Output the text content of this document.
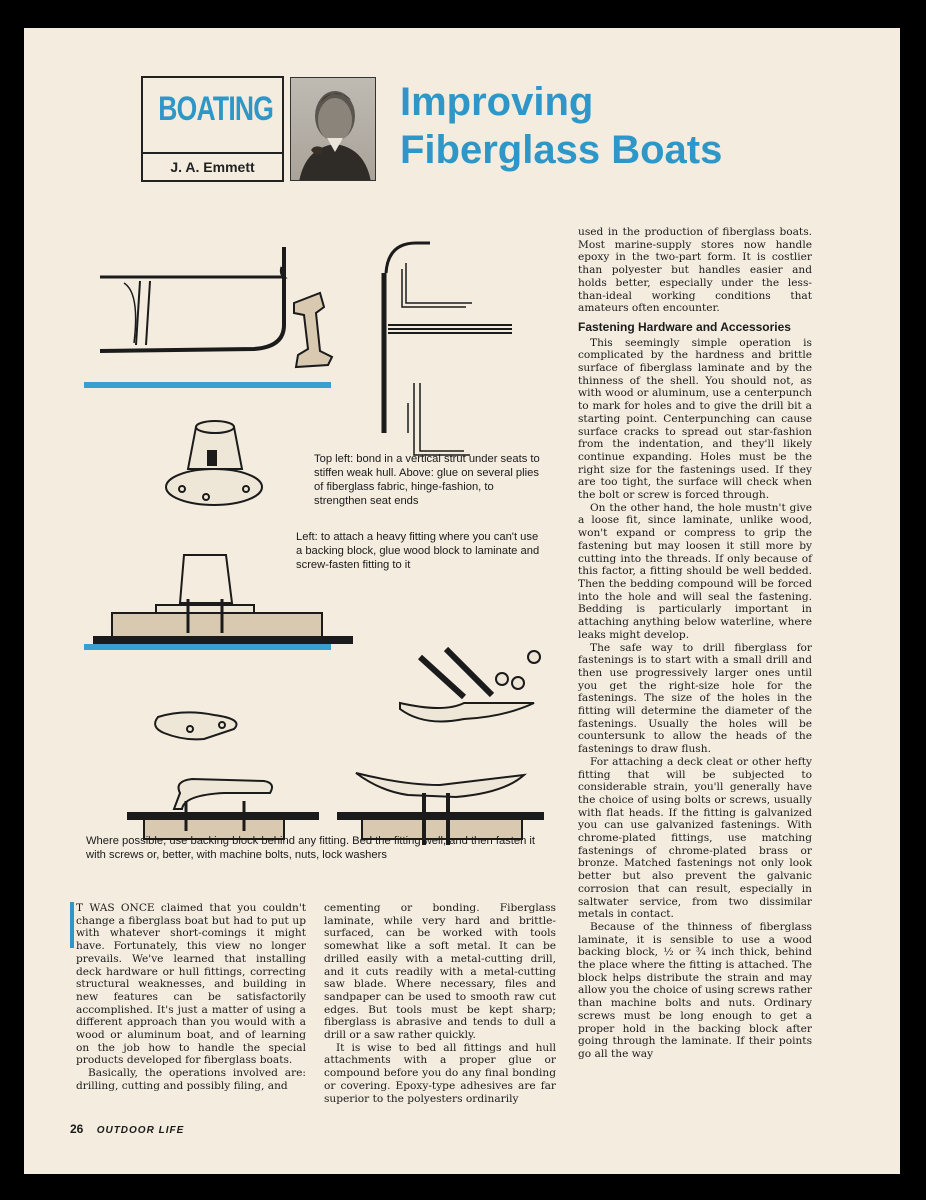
BOATING
J. A. Emmett
Improving
Fiberglass Boats
Top left: bond in a vertical strut under seats to stiffen weak hull. Above: glue on several plies of fiberglass fabric, hinge-fashion, to strengthen seat ends
Left: to attach a heavy fitting where you can't use a backing block, glue wood block to laminate and screw-fasten fitting to it
Where possible, use backing block behind any fitting. Bed the fitting well, and then fasten it with screws or, better, with machine bolts, nuts, lock washers

T WAS ONCE claimed that you couldn't change a fiberglass boat but had to put up with whatever short-comings it might have. Fortunately, this view no longer prevails. We've learned that installing deck hardware or hull fittings, correcting structural weaknesses, and building in new features can be satisfactorily accomplished. It's just a matter of using a different approach than you would with a wood or aluminum boat, and of learning on the job how to handle the special products developed for fiberglass boats.

Basically, the operations involved are: drilling, cutting and possibly filing, and

cementing or bonding. Fiberglass laminate, while very hard and brittle-surfaced, can be worked with tools somewhat like a soft metal. It can be drilled easily with a metal-cutting drill, and it cuts readily with a metal-cutting saw blade. Where necessary, files and sandpaper can be used to smooth raw cut edges. But tools must be kept sharp; fiberglass is abrasive and tends to dull a drill or a saw rather quickly.

It is wise to bed all fittings and hull attachments with a proper glue or compound before you do any final bonding or covering. Epoxy-type adhesives are far superior to the polyesters ordinarily

used in the production of fiberglass boats. Most marine-supply stores now handle epoxy in the two-part form. It is costlier than polyester but handles easier and holds better, especially under the less-than-ideal working conditions that amateurs often encounter.

Fastening Hardware and Accessories

This seemingly simple operation is complicated by the hardness and brittle surface of fiberglass laminate and by the thinness of the shell. You should not, as with wood or aluminum, use a centerpunch to mark for holes and to give the drill bit a starting point. Centerpunching can cause surface cracks to spread out star-fashion from the indentation, and they'll likely continue expanding. Holes must be the right size for the fastenings used. If they are too tight, the surface will check when the bolt or screw is forced through.

On the other hand, the hole mustn't give a loose fit, since laminate, unlike wood, won't expand or compress to grip the fastening but may loosen it still more by cutting into the threads. If only because of this factor, a fitting should be well bedded. Then the bedding compound will be forced into the hole and will seal the fastening. Bedding is particularly important in attaching anything below waterline, where leaks might develop.

The safe way to drill fiberglass for fastenings is to start with a small drill and then use progressively larger ones until you get the right-size hole for the fastenings. The size of the holes in the fitting will determine the diameter of the fastenings. Usually the holes will be countersunk to allow the heads of the fastenings to draw flush.

For attaching a deck cleat or other hefty fitting that will be subjected to considerable strain, you'll generally have the choice of using bolts or screws, usually with flat heads. If the fitting is galvanized you can use galvanized fastenings. With chrome-plated fittings, use matching fastenings of chrome-plated brass or bronze. Matched fastenings not only look better but also prevent the galvanic corrosion that can result, especially in saltwater service, from two dissimilar metals in contact.

Because of the thinness of fiberglass laminate, it is sensible to use a wood backing block, ½ or ¾ inch thick, behind the place where the fitting is attached. The block helps distribute the strain and may allow you the choice of using screws rather than machine bolts and nuts. Ordinary screws must be long enough to get a proper hold in the backing block after going through the laminate. If their points go all the way

26 OUTDOOR LIFE
